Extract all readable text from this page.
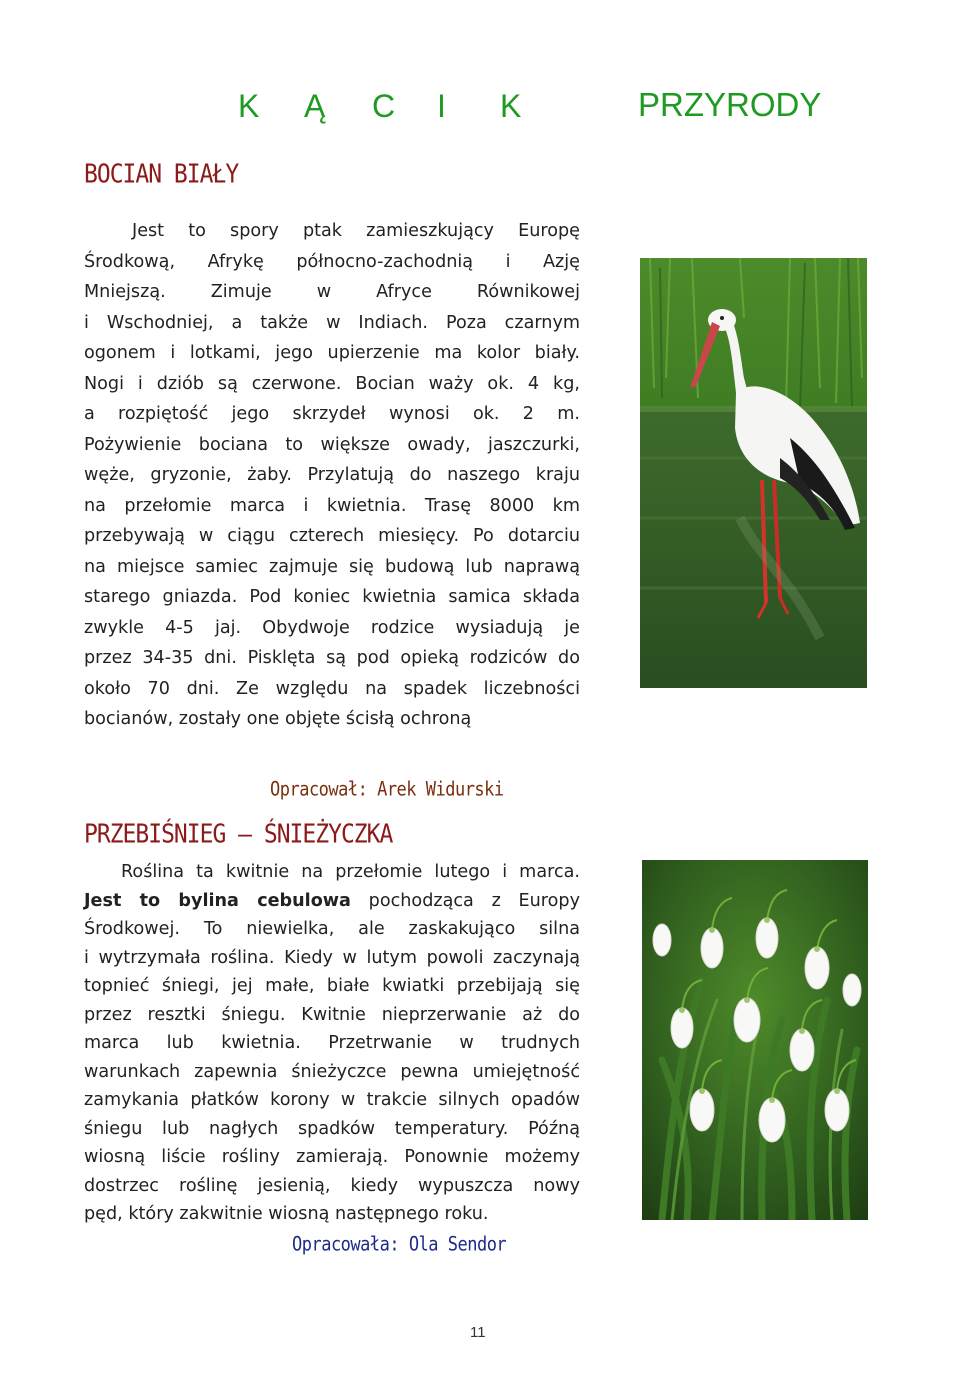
K Ą C I K	PRZYRODY
BOCIAN BIAŁY
Jest to spory ptak zamieszkujący Europę
Środkową, Afrykę północno-zachodnią i Azję
Mniejszą. Zimuje w Afryce Równikowej
i Wschodniej, a także w Indiach. Poza czarnym
ogonem i lotkami, jego upierzenie ma kolor biały.
Nogi i dziób są czerwone. Bocian waży ok. 4 kg,
a rozpiętość jego skrzydeł wynosi ok. 2 m.
Pożywienie bociana to większe owady, jaszczurki,
węże, gryzonie, żaby. Przylatują do naszego kraju
na przełomie marca i kwietnia. Trasę 8000 km
przebywają w ciągu czterech miesięcy. Po dotarciu
na miejsce samiec zajmuje się budową lub naprawą
starego gniazda. Pod koniec kwietnia samica składa
zwykle 4-5 jaj. Obydwoje rodzice wysiadują je
przez 34-35 dni. Pisklęta są pod opieką rodziców do
około 70 dni. Ze względu na spadek liczebności
bocianów, zostały one objęte ścisłą ochroną
Opracował: Arek Widurski
PRZEBIŚNIEG – ŚNIEŻYCZKA
Roślina ta kwitnie na przełomie lutego i marca.
Jest to bylina cebulowa pochodząca z Europy
Środkowej. To niewielka, ale zaskakująco silna
i wytrzymała roślina. Kiedy w lutym powoli zaczynają
topnieć śniegi, jej małe, białe kwiatki przebijają się
przez resztki śniegu. Kwitnie nieprzerwanie aż do
marca lub kwietnia. Przetrwanie w trudnych
warunkach zapewnia śnieżyczce pewna umiejętność
zamykania płatków korony w trakcie silnych opadów
śniegu lub nagłych spadków temperatury. Późną
wiosną liście rośliny zamierają. Ponownie możemy
dostrzec roślinę jesienią, kiedy wypuszcza nowy
pęd, który zakwitnie wiosną następnego roku.
Opracowała: Ola Sendor
11
